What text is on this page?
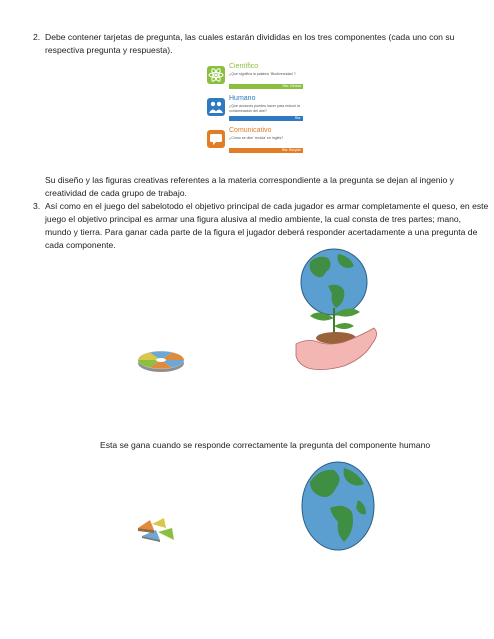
2. Debe contener tarjetas de pregunta, las cuales estarán divididas en los tres componentes (cada uno con su
respectiva pregunta y respuesta).
Científico
¿Qué significa la palabra ´Biodiversidad´?
Rta: Ciencia
Humano
¿Qué acciones puedes hacer para reducir la contaminación del aire?
Rta:
Comunicativo
¿Cómo se dice 'recicla' en inglés?
Rta: Recycle
Su diseño y las figuras creativas referentes a la materia correspondiente a la pregunta se dejan al ingenio y
creatividad de cada grupo de trabajo.
3. Así como en el juego del sabelotodo el objetivo principal de cada jugador es armar completamente el queso, en este
juego el objetivo principal es armar una figura alusiva al medio ambiente, la cual consta de tres partes; mano,
mundo y tierra. Para ganar cada parte de la figura el jugador deberá responder acertadamente a una pregunta de
cada componente.
Esta se gana cuando se responde correctamente la pregunta del componente humano
